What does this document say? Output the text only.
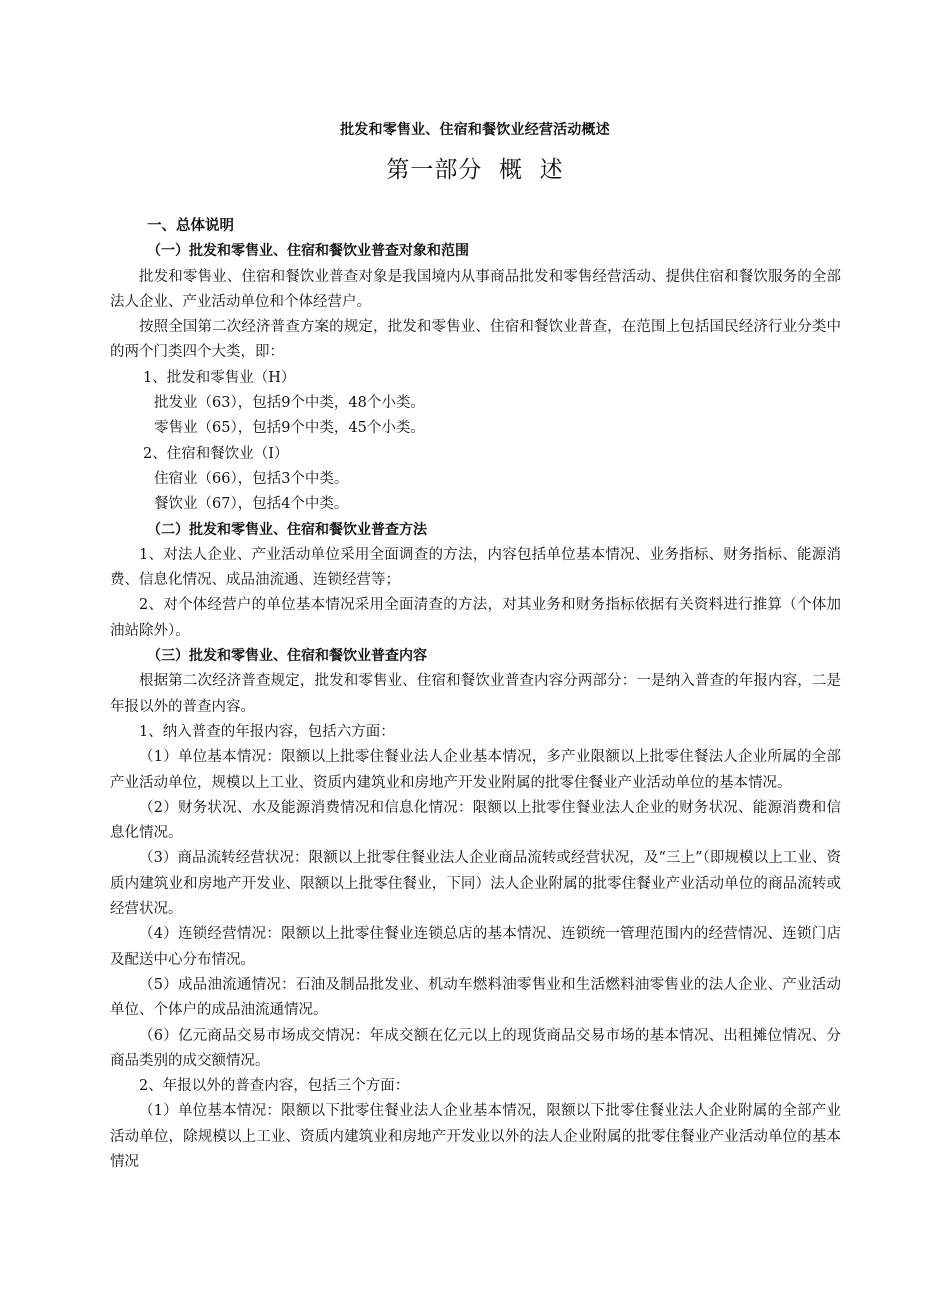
批发和零售业、住宿和餐饮业经营活动概述
第一部分  概  述

一、总体说明

（一）批发和零售业、住宿和餐饮业普查对象和范围

批发和零售业、住宿和餐饮业普查对象是我国境内从事商品批发和零售经营活动、提供住宿和餐饮服务的全部法人企业、产业活动单位和个体经营户。

按照全国第二次经济普查方案的规定，批发和零售业、住宿和餐饮业普查，在范围上包括国民经济行业分类中的两个门类四个大类，即：

1、批发和零售业（H）

批发业（63），包括9个中类，48个小类。

零售业（65），包括9个中类，45个小类。

2、住宿和餐饮业（I）

住宿业（66），包括3个中类。

餐饮业（67），包括4个中类。

（二）批发和零售业、住宿和餐饮业普查方法

1、对法人企业、产业活动单位采用全面调查的方法，内容包括单位基本情况、业务指标、财务指标、能源消费、信息化情况、成品油流通、连锁经营等；

2、对个体经营户的单位基本情况采用全面清查的方法，对其业务和财务指标依据有关资料进行推算（个体加油站除外）。

（三）批发和零售业、住宿和餐饮业普查内容

根据第二次经济普查规定，批发和零售业、住宿和餐饮业普查内容分两部分：一是纳入普查的年报内容，二是年报以外的普查内容。

1、纳入普查的年报内容，包括六方面：

（1）单位基本情况：限额以上批零住餐业法人企业基本情况，多产业限额以上批零住餐法人企业所属的全部产业活动单位，规模以上工业、资质内建筑业和房地产开发业附属的批零住餐业产业活动单位的基本情况。

（2）财务状况、水及能源消费情况和信息化情况：限额以上批零住餐业法人企业的财务状况、能源消费和信息化情况。

（3）商品流转经营状况：限额以上批零住餐业法人企业商品流转或经营状况，及“三上”（即规模以上工业、资质内建筑业和房地产开发业、限额以上批零住餐业，下同）法人企业附属的批零住餐业产业活动单位的商品流转或经营状况。

（4）连锁经营情况：限额以上批零住餐业连锁总店的基本情况、连锁统一管理范围内的经营情况、连锁门店及配送中心分布情况。

（5）成品油流通情况：石油及制品批发业、机动车燃料油零售业和生活燃料油零售业的法人企业、产业活动单位、个体户的成品油流通情况。

（6）亿元商品交易市场成交情况：年成交额在亿元以上的现货商品交易市场的基本情况、出租摊位情况、分商品类别的成交额情况。

2、年报以外的普查内容，包括三个方面：

（1）单位基本情况：限额以下批零住餐业法人企业基本情况，限额以下批零住餐业法人企业附属的全部产业活动单位，除规模以上工业、资质内建筑业和房地产开发业以外的法人企业附属的批零住餐业产业活动单位的基本情况
